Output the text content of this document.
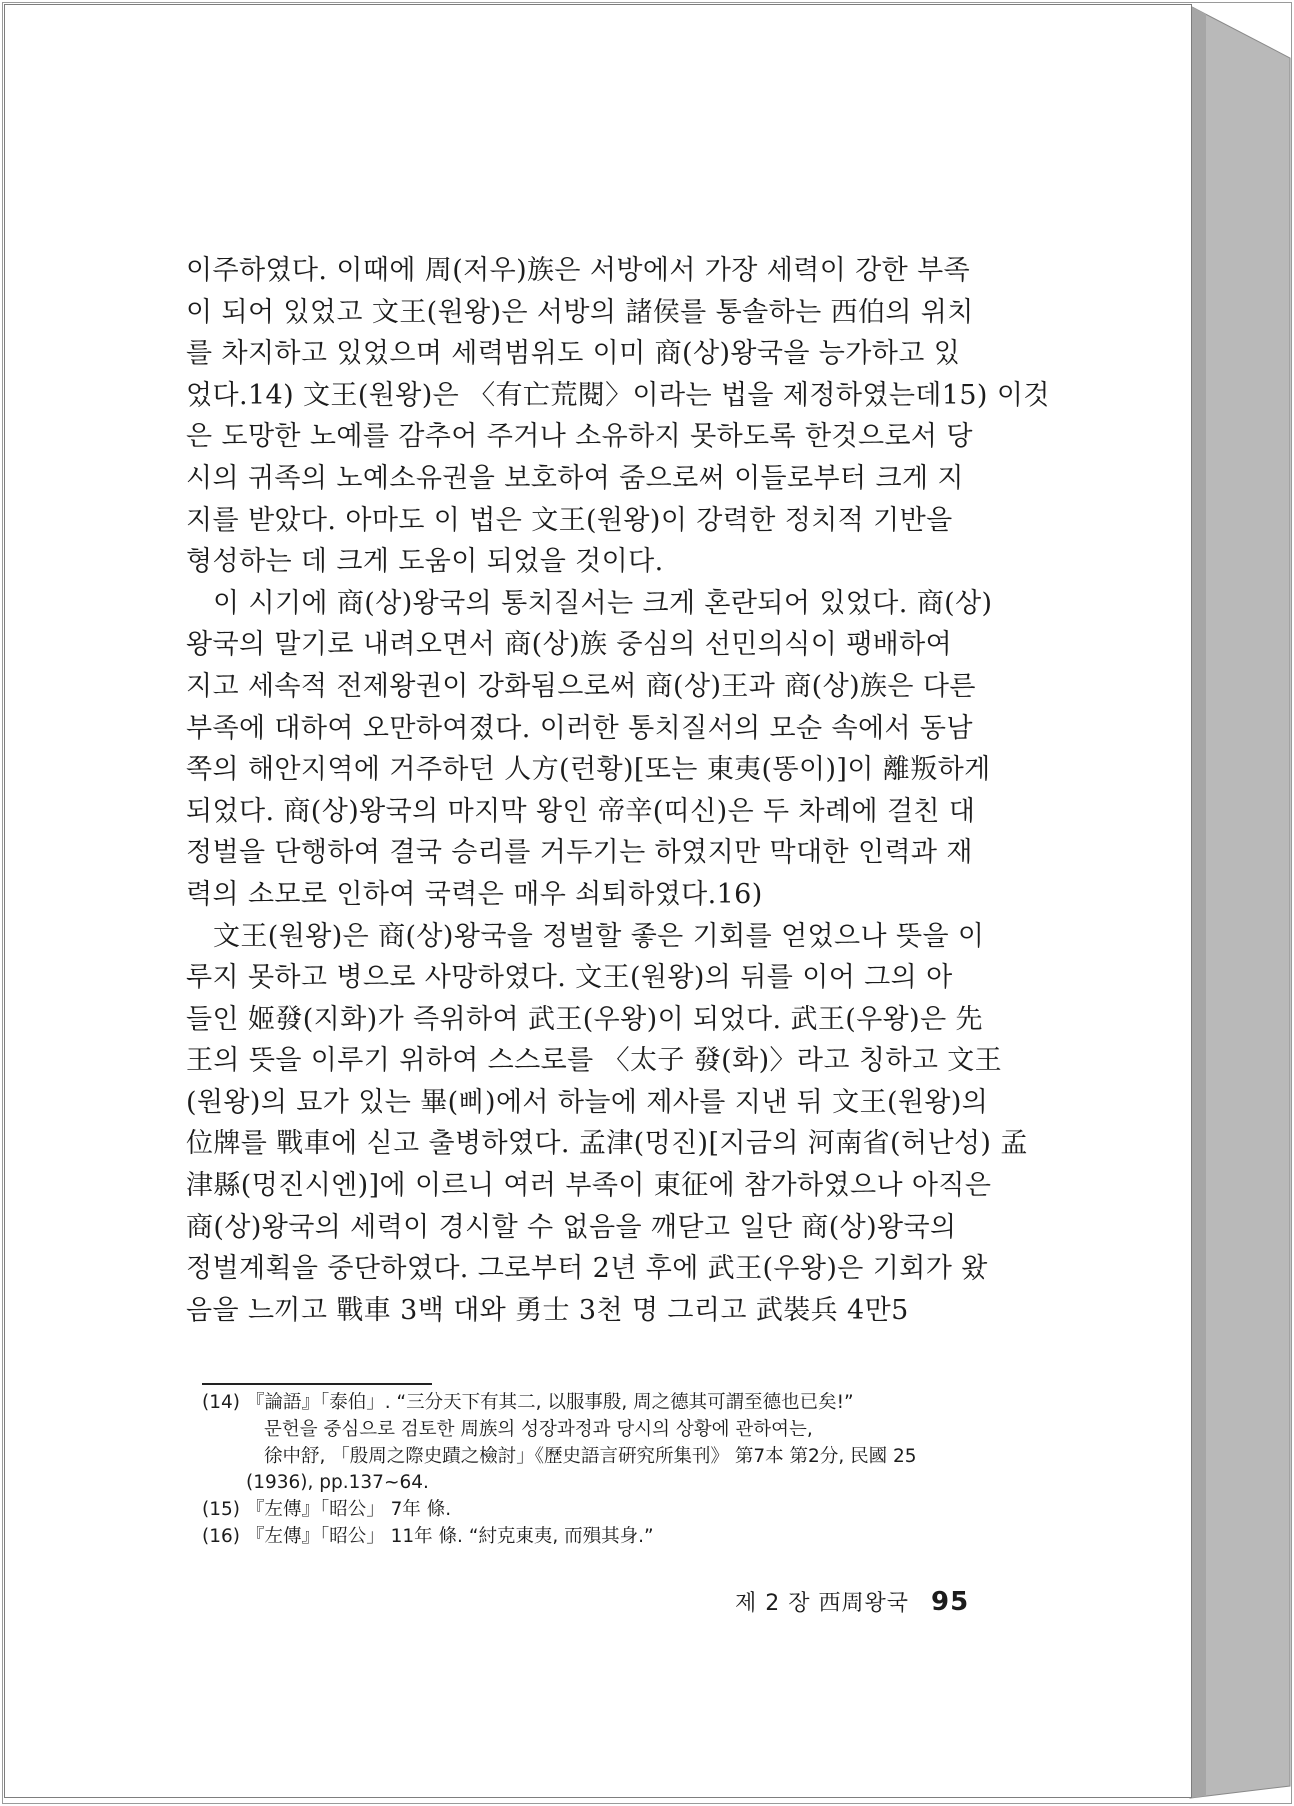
이주하였다. 이때에 周(저우)族은 서방에서 가장 세력이 강한 부족
이 되어 있었고 文王(원왕)은 서방의 諸侯를 통솔하는 西伯의 위치
를 차지하고 있었으며 세력범위도 이미 商(상)왕국을 능가하고 있
었다.14) 文王(원왕)은 〈有亡荒閱〉이라는 법을 제정하였는데15) 이것
은 도망한 노예를 감추어 주거나 소유하지 못하도록 한것으로서 당
시의 귀족의 노예소유권을 보호하여 줌으로써 이들로부터 크게 지
지를 받았다. 아마도 이 법은 文王(원왕)이 강력한 정치적 기반을
형성하는 데 크게 도움이 되었을 것이다.

이 시기에 商(상)왕국의 통치질서는 크게 혼란되어 있었다. 商(상)

왕국의 말기로 내려오면서 商(상)族 중심의 선민의식이 팽배하여
지고 세속적 전제왕권이 강화됨으로써 商(상)王과 商(상)族은 다른
부족에 대하여 오만하여졌다. 이러한 통치질서의 모순 속에서 동남
쪽의 해안지역에 거주하던 人方(런황)[또는 東夷(똥이)]이 離叛하게
되었다. 商(상)왕국의 마지막 왕인 帝辛(띠신)은 두 차례에 걸친 대
정벌을 단행하여 결국 승리를 거두기는 하였지만 막대한 인력과 재
력의 소모로 인하여 국력은 매우 쇠퇴하였다.16)

文王(원왕)은 商(상)왕국을 정벌할 좋은 기회를 얻었으나 뜻을 이

루지 못하고 병으로 사망하였다. 文王(원왕)의 뒤를 이어 그의 아
들인 姬發(지화)가 즉위하여 武王(우왕)이 되었다. 武王(우왕)은 先
王의 뜻을 이루기 위하여 스스로를 〈太子 發(화)〉라고 칭하고 文王
(원왕)의 묘가 있는 畢(삐)에서 하늘에 제사를 지낸 뒤 文王(원왕)의
位牌를 戰車에 싣고 출병하였다. 孟津(멍진)[지금의 河南省(허난성) 孟
津縣(멍진시엔)]에 이르니 여러 부족이 東征에 참가하였으나 아직은
商(상)왕국의 세력이 경시할 수 없음을 깨닫고 일단 商(상)왕국의
정벌계획을 중단하였다. 그로부터 2년 후에 武王(우왕)은 기회가 왔
음을 느끼고 戰車 3백 대와 勇士 3천 명 그리고 武裝兵 4만5

(14) 『論語』「泰伯」. “三分天下有其二, 以服事殷, 周之德其可謂至德也已矣!”
문헌을 중심으로 검토한 周族의 성장과정과 당시의 상황에 관하여는,
徐中舒, 「殷周之際史蹟之檢討」《歷史語言硏究所集刊》 第7本 第2分, 民國 25
(1936), pp.137~64.
(15) 『左傳』「昭公」 7年 條.
(16) 『左傳』「昭公」 11年 條. “紂克東夷, 而殞其身.”
제 2 장 西周왕국 95
